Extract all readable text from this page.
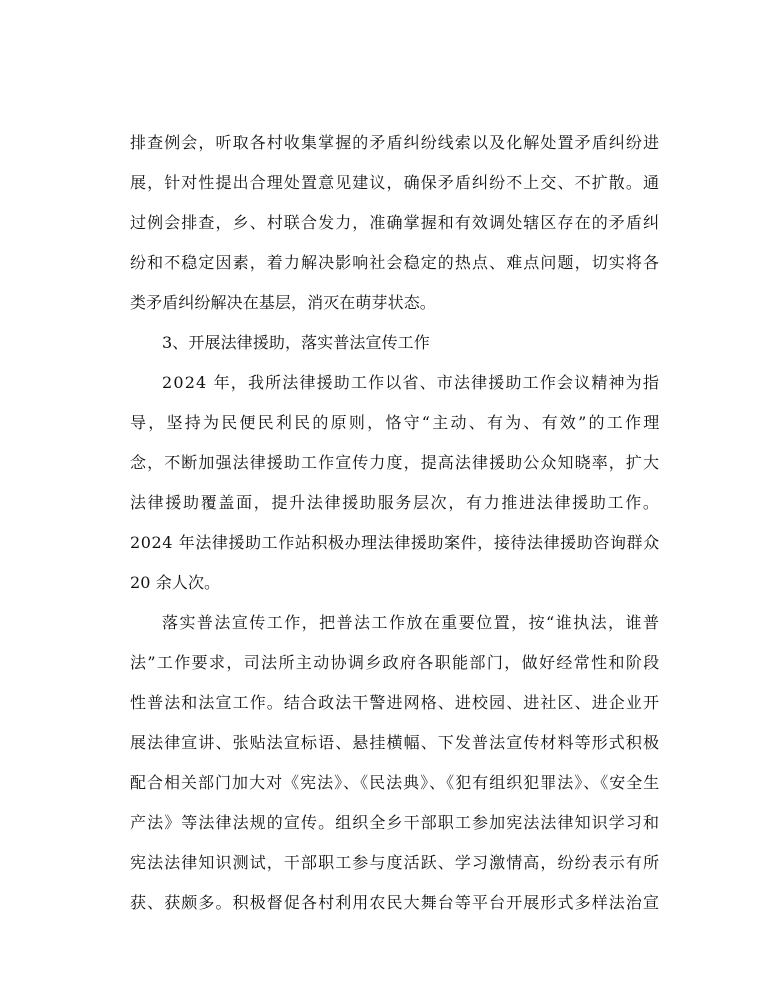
排查例会，听取各村收集掌握的矛盾纠纷线索以及化解处置矛盾纠纷进
展，针对性提出合理处置意见建议，确保矛盾纠纷不上交、不扩散。通
过例会排查，乡、村联合发力，准确掌握和有效调处辖区存在的矛盾纠
纷和不稳定因素，着力解决影响社会稳定的热点、难点问题，切实将各
类矛盾纠纷解决在基层，消灭在萌芽状态。
3、开展法律援助，落实普法宣传工作
2024 年，我所法律援助工作以省、市法律援助工作会议精神为指
导，坚持为民便民利民的原则，恪守“主动、有为、有效”的工作理
念，不断加强法律援助工作宣传力度，提高法律援助公众知晓率，扩大
法律援助覆盖面，提升法律援助服务层次，有力推进法律援助工作。
2024 年法律援助工作站积极办理法律援助案件，接待法律援助咨询群众
20 余人次。
落实普法宣传工作，把普法工作放在重要位置，按“谁执法，谁普
法”工作要求，司法所主动协调乡政府各职能部门，做好经常性和阶段
性普法和法宣工作。结合政法干警进网格、进校园、进社区、进企业开
展法律宣讲、张贴法宣标语、悬挂横幅、下发普法宣传材料等形式积极
配合相关部门加大对《宪法》、《民法典》、《犯有组织犯罪法》、《安全生
产法》等法律法规的宣传。组织全乡干部职工参加宪法法律知识学习和
宪法法律知识测试，干部职工参与度活跃、学习激情高，纷纷表示有所
获、获颇多。积极督促各村利用农民大舞台等平台开展形式多样法治宣
